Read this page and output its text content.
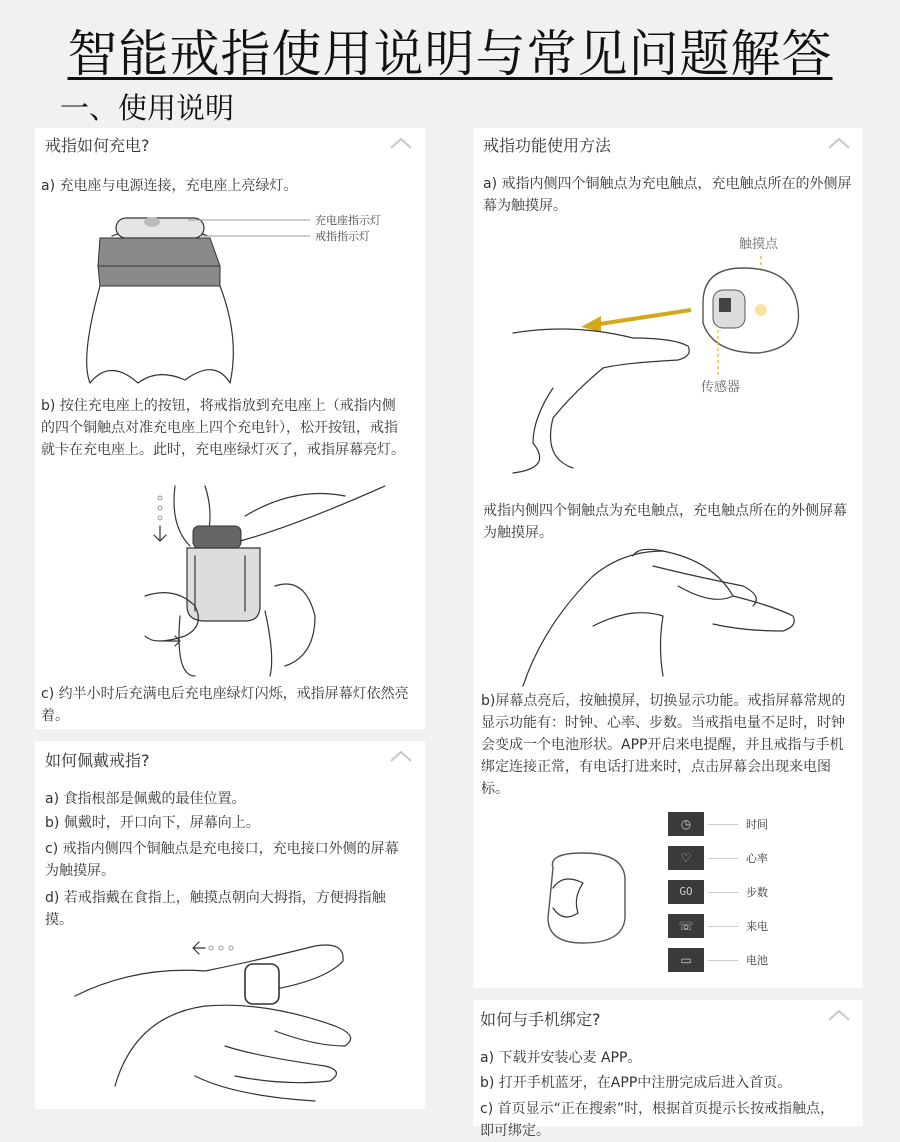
智能戒指使用说明与常见问题解答
一、使用说明
戒指如何充电?
a) 充电座与电源连接，充电座上亮绿灯。
充电座指示灯
戒指指示灯
b) 按住充电座上的按钮，将戒指放到充电座上（戒指内侧的四个铜触点对准充电座上四个充电针），松开按钮，戒指就卡在充电座上。此时，充电座绿灯灭了，戒指屏幕亮灯。
c) 约半小时后充满电后充电座绿灯闪烁，戒指屏幕灯依然亮着。
如何佩戴戒指?
a) 食指根部是佩戴的最佳位置。
b) 佩戴时，开口向下，屏幕向上。
c) 戒指内侧四个铜触点是充电接口，充电接口外侧的屏幕为触摸屏。
d) 若戒指戴在食指上，触摸点朝向大拇指，方便拇指触摸。
戒指功能使用方法
a) 戒指内侧四个铜触点为充电触点，充电触点所在的外侧屏幕为触摸屏。
触摸点
传感器
戒指内侧四个铜触点为充电触点，充电触点所在的外侧屏幕为触摸屏。
b)屏幕点亮后，按触摸屏，切换显示功能。戒指屏幕常规的显示功能有：时钟、心率、步数。当戒指电量不足时，时钟会变成一个电池形状。APP开启来电提醒，并且戒指与手机绑定连接正常，有电话打进来时，点击屏幕会出现来电图标。
◷	时间
♡	心率
GO	步数
☏	来电
▭	电池
如何与手机绑定?
a) 下载并安装心麦 APP。
b) 打开手机蓝牙，在APP中注册完成后进入首页。
c) 首页显示“正在搜索”时，根据首页提示长按戒指触点，即可绑定。
